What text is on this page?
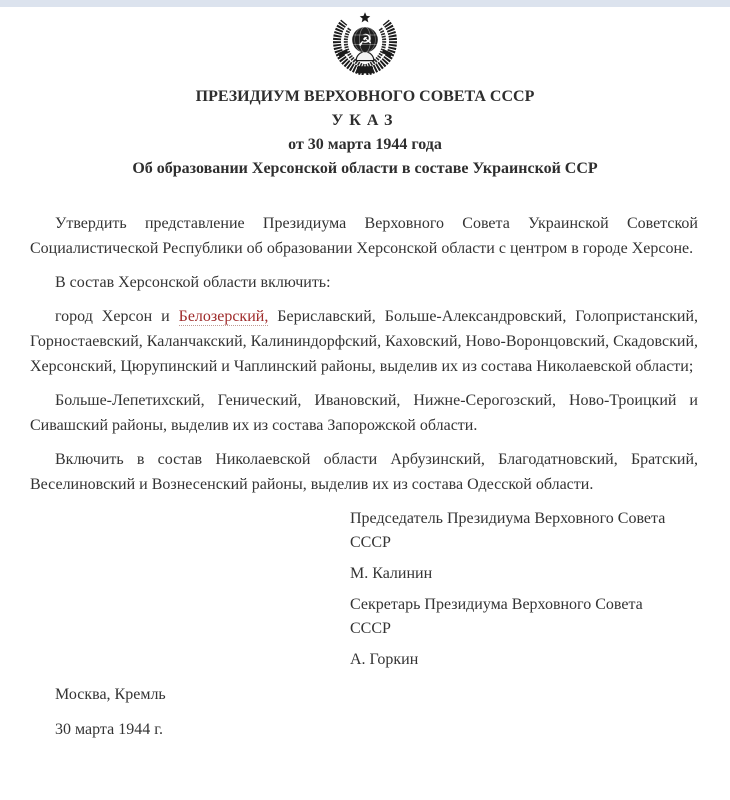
☭
ПРЕЗИДИУМ ВЕРХОВНОГО СОВЕТА СССР
УКАЗ
от 30 марта 1944 года
Об образовании Херсонской области в составе Украинской ССР

Утвердить представление Президиума Верховного Совета Украинской Советской Социалистической Республики об образовании Херсонской области с центром в городе Херсоне.

В состав Херсонской области включить:

город Херсон и Белозерский, Бериславский, Больше-Александровский, Голопристанский, Горностаевский, Каланчакский, Калининдорфский, Каховский, Ново-Воронцовский, Скадовский, Херсонский, Цюрупинский и Чаплинский районы, выделив их из состава Николаевской области;

Больше-Лепетихский, Генический, Ивановский, Нижне-Серогозский, Ново-Троицкий и Сивашский районы, выделив их из состава Запорожской области.

Включить в состав Николаевской области Арбузинский, Благодатновский, Братский, Веселиновский и Вознесенский районы, выделив их из состава Одесской области.

Председатель Президиума Верховного Совета СССР

М. Калинин

Секретарь Президиума Верховного Совета СССР

А. Горкин

Москва, Кремль

30 марта 1944 г.
